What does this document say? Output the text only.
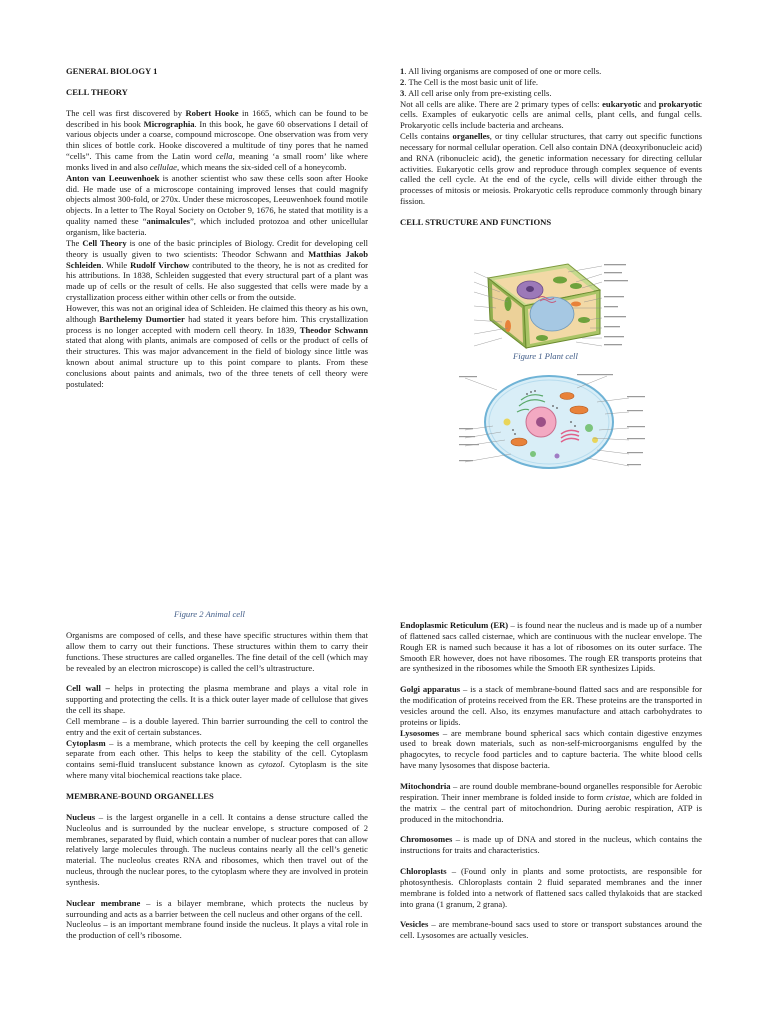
GENERAL BIOLOGY 1

CELL THEORY

The cell was first discovered by Robert Hooke in 1665, which can be found to be described in his book Micrographia. In this book, he gave 60 observations I detail of various objects under a coarse, compound microscope. One observation was from very thin slices of bottle cork. Hooke discovered a multitude of tiny pores that he named “cells”. This came from the Latin word cella, meaning ‘a small room’ like where monks lived in and also cellulae, which means the six-sided cell of a honeycomb.

Anton van Leeuwenhoek is another scientist who saw these cells soon after Hooke did. He made use of a microscope containing improved lenses that could magnify objects almost 300-fold, or 270x. Under these microscopes, Leeuwenhoek found motile objects. In a letter to The Royal Society on October 9, 1676, he stated that motility is a quality named these “animalcules”, which included protozoa and other unicellular organism, like bacteria.

The Cell Theory is one of the basic principles of Biology. Credit for developing cell theory is usually given to two scientists: Theodor Schwann and Matthias Jakob Schleiden. While Rudolf Virchow contributed to the theory, he is not as credited for his attributions. In 1838, Schleiden suggested that every structural part of a plant was made up of cells or the result of cells. He also suggested that cells were made by a crystallization process either within other cells or from the outside.

However, this was not an original idea of Schleiden. He claimed this theory as his own, although Barthelemy Dumortier had stated it years before him. This crystallization process is no longer accepted with modern cell theory. In 1839, Theodor Schwann stated that along with plants, animals are composed of cells or the product of cells of their structures. This was major advancement in the field of biology since little was known about animal structure up to this point compare to plants. From these conclusions about paints and animals, two of the three tenets of cell theory were postulated:

1. All living organisms are composed of one or more cells.

2. The Cell is the most basic unit of life.

3. All cell arise only from pre-existing cells.

Not all cells are alike. There are 2 primary types of cells: eukaryotic and prokaryotic cells. Examples of eukaryotic cells are animal cells, plant cells, and fungal cells. Prokaryotic cells include bacteria and archeans.

Cells contains organelles, or tiny cellular structures, that carry out specific functions necessary for normal cellular operation. Cell also contain DNA (deoxyribonucleic acid) and RNA (ribonucleic acid), the genetic information necessary for directing cellular activities. Eukaryotic cells grow and reproduce through complex sequence of events called the cell cycle. At the end of the cycle, cells will divide either through the processes of mitosis or meiosis. Prokaryotic cells reproduce commonly through binary fission.

CELL STRUCTURE AND FUNCTIONS

Figure 1 Plant cell
Figure 2 Animal cell

Organisms are composed of cells, and these have specific structures within them that allow them to carry out their functions. These structures within them to carry their functions. These structures are called organelles. The fine detail of the cell (which may be revealed by an electron microscope) is called the cell’s ultrastructure.

Cell wall – helps in protecting the plasma membrane and plays a vital role in supporting and protecting the cells. It is a thick outer layer made of cellulose that gives the cell its shape.

Cell membrane – is a double layered. Thin barrier surrounding the cell to control the entry and the exit of certain substances.

Cytoplasm – is a membrane, which protects the cell by keeping the cell organelles separate from each other. This helps to keep the stability of the cell. Cytoplasm contains semi-fluid translucent substance known as cytozol. Cytoplasm is the site where many vital biochemical reactions take place.

MEMBRANE-BOUND ORGANELLES

Nucleus – is the largest organelle in a cell. It contains a dense structure called the Nucleolus and is surrounded by the nuclear envelope, s structure composed of 2 membranes, separated by fluid, which contain a number of nuclear pores that can allow relatively large molecules through. The nucleus contains nearly all the cell’s genetic material. The nucleolus creates RNA and ribosomes, which then travel out of the nucleus, through the nuclear pores, to the cytoplasm where they are involved in protein synthesis.

Nuclear membrane – is a bilayer membrane, which protects the nucleus by surrounding and acts as a barrier between the cell nucleus and other organs of the cell.

Nucleolus – is an important membrane found inside the nucleus. It plays a vital role in the production of cell’s ribosome.

Endoplasmic Reticulum (ER) – is found near the nucleus and is made up of a number of flattened sacs called cisternae, which are continuous with the nuclear envelope. The Rough ER is named such because it has a lot of ribosomes on its outer surface. The Smooth ER however, does not have ribosomes. The rough ER transports proteins that are synthesized in the ribosomes while the Smooth ER synthesizes Lipids.

Golgi apparatus – is a stack of membrane-bound flatted sacs and are responsible for the modification of proteins received from the ER. These proteins are the transported in vesicles around the cell. Also, its enzymes manufacture and attach carbohydrates to proteins or lipids.

Lysosomes – are membrane bound spherical sacs which contain digestive enzymes used to break down materials, such as non-self-microorganisms engulfed by the phagocytes, to recycle food particles and to capture bacteria. The white blood cells have many lysosomes that dispose bacteria.

Mitochondria – are round double membrane-bound organelles responsible for Aerobic respiration. Their inner membrane is folded inside to form cristae, which are folded in the matrix – the central part of mitochondrion. During aerobic respiration, ATP is produced in the mitochondria.

Chromosomes – is made up of DNA and stored in the nucleus, which contains the instructions for traits and characteristics.

Chloroplasts – (Found only in plants and some protoctists, are responsible for photosynthesis. Chloroplasts contain 2 fluid separated membranes and the inner membrane is folded into a network of flattened sacs called thylakoids that are stacked into grana (1 granum, 2 grana).

Vesicles – are membrane-bound sacs used to store or transport substances around the cell. Lysosomes are actually vesicles.
